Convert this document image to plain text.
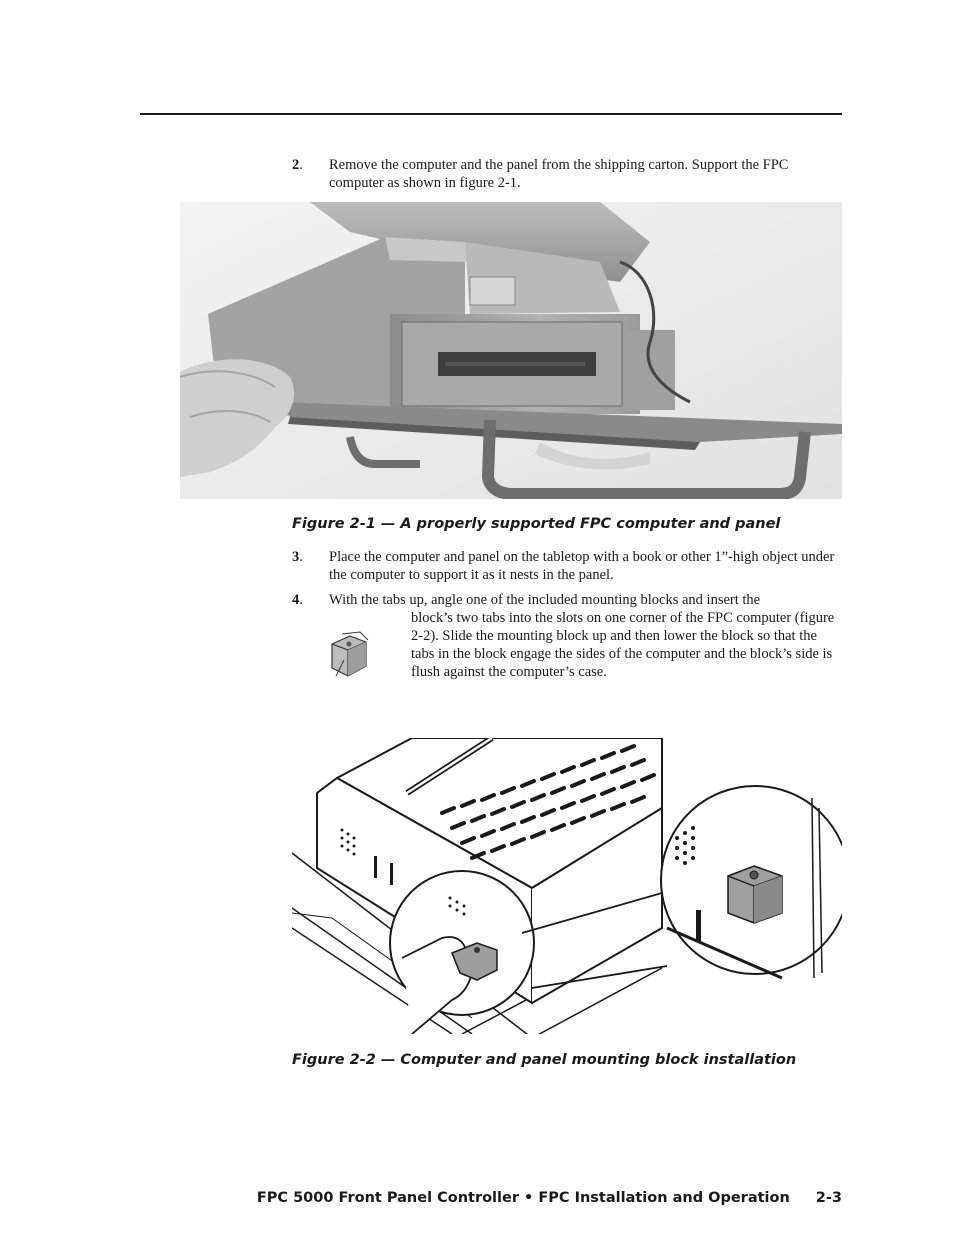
2. Remove the computer and the panel from the shipping carton. Support the FPC computer as shown in figure 2-1.
Figure 2-1 — A properly supported FPC computer and panel
3. Place the computer and panel on the tabletop with a book or other 1”-high object under the computer to support it as it nests in the panel.
4. With the tabs up, angle one of the included mounting blocks and insert the
block’s two tabs into the slots on one corner of the FPC computer (figure 2-2). Slide the mounting block up and then lower the block so that the tabs in the block engage the sides of the computer and the block’s side is flush against the computer’s case.
Figure 2-2 — Computer and panel mounting block installation
FPC 5000 Front Panel Controller • FPC Installation and Operation 2-3
